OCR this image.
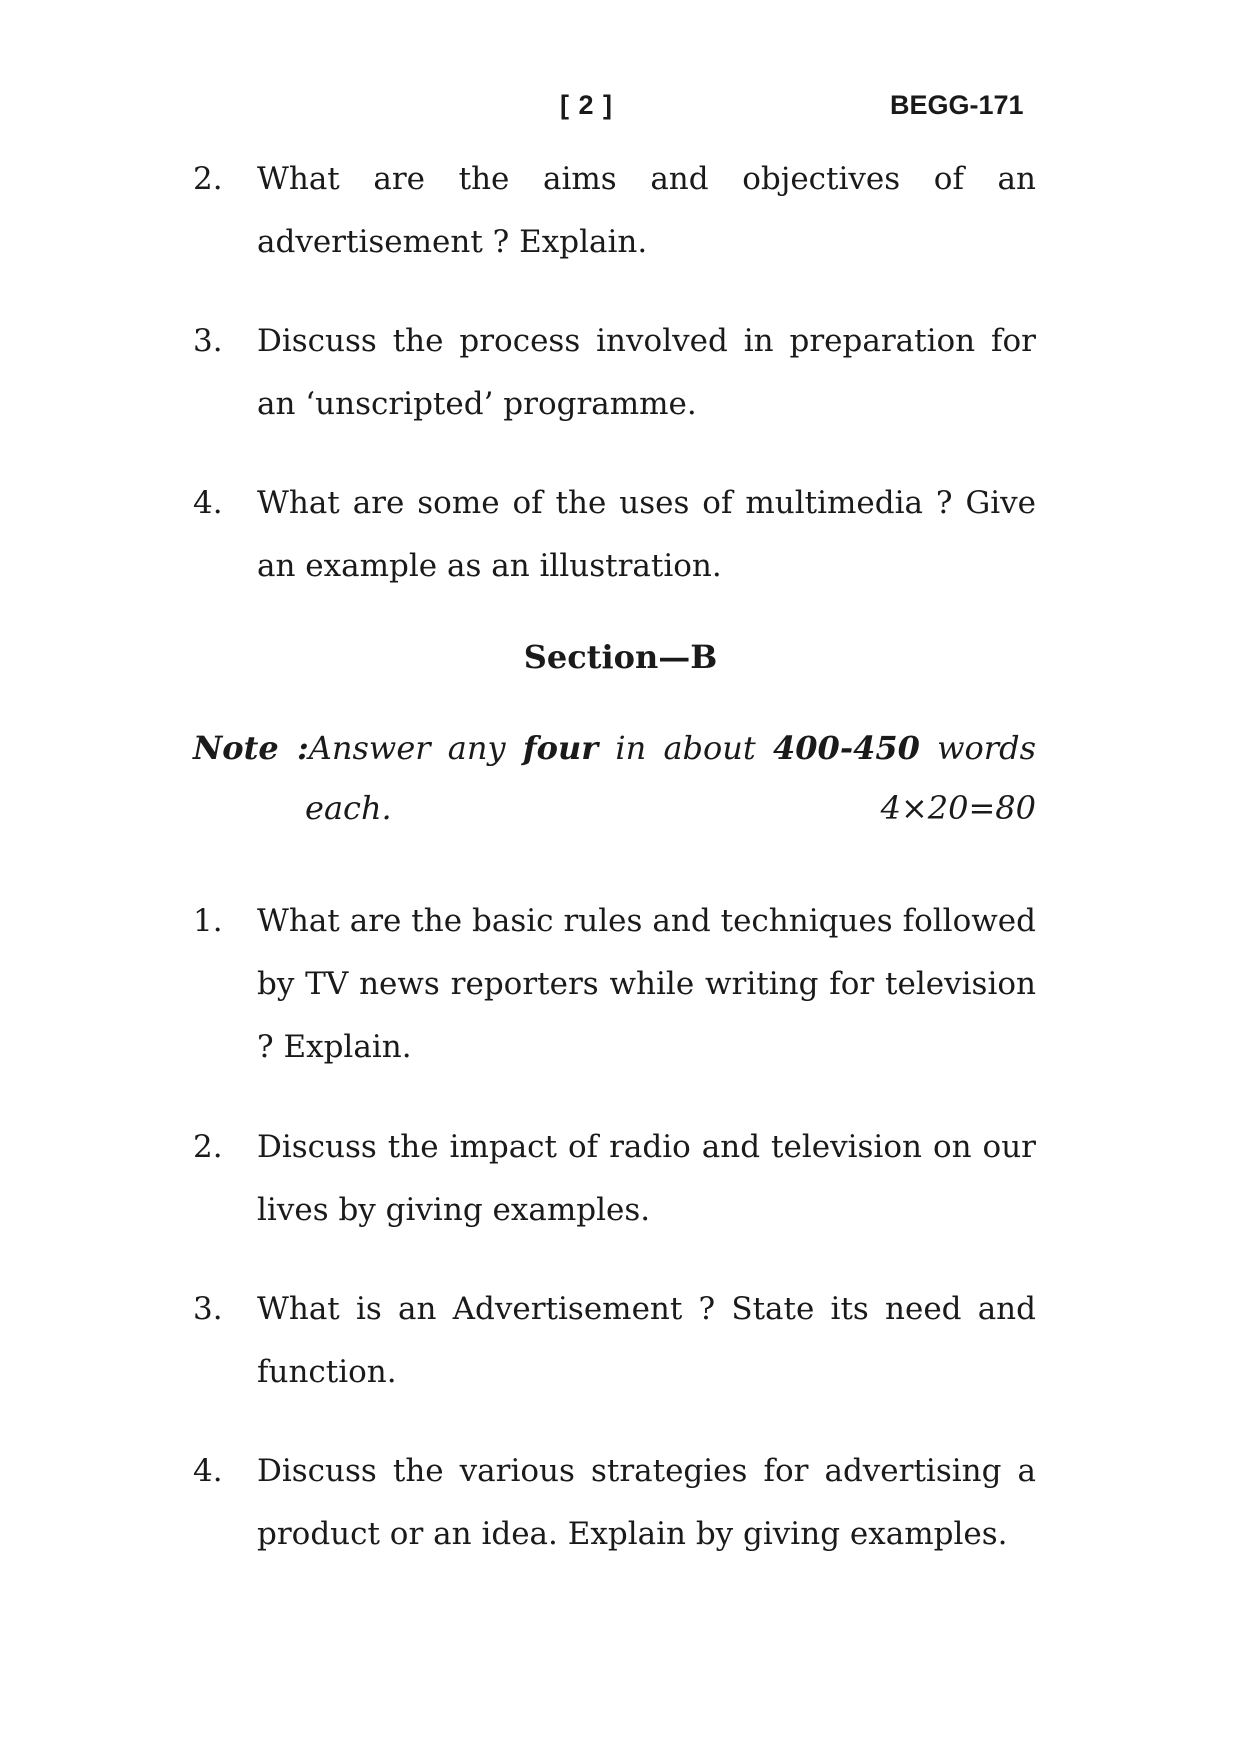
[ 2 ]	BEGG-171
2.	What are the aims and objectives of an advertisement ? Explain.
3.	Discuss the process involved in preparation for an ‘unscripted’ programme.
4.	What are some of the uses of multimedia ? Give an example as an illustration.
Section—B
Note :Answer any four in about 400-450 words
each.	4×20=80
1.	What are the basic rules and techniques followed by TV news reporters while writing for television ? Explain.
2.	Discuss the impact of radio and television on our lives by giving examples.
3.	What is an Advertisement ? State its need and function.
4.	Discuss the various strategies for advertising a product or an idea. Explain by giving examples.
